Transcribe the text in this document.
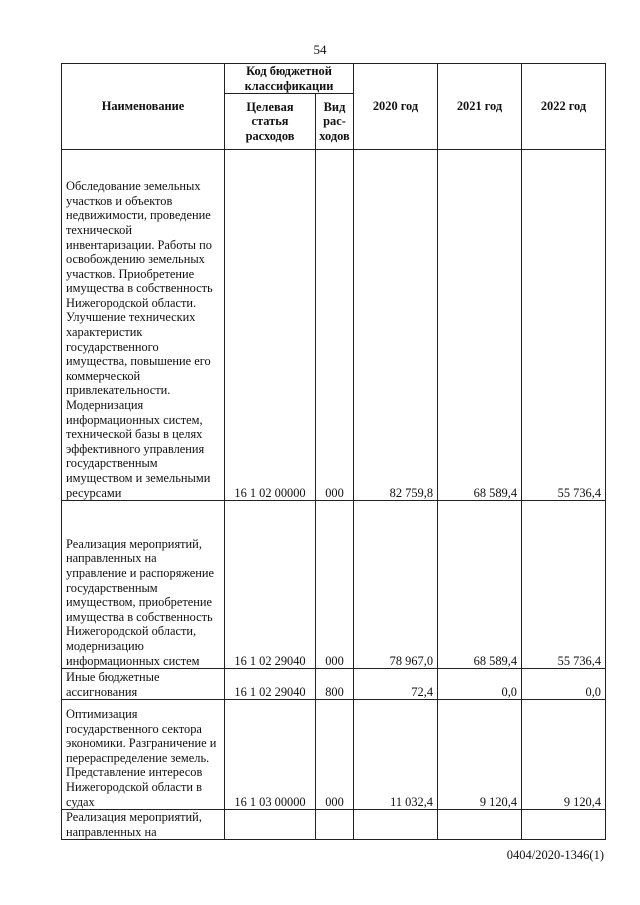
54
Наименование	Код бюджетной классификации		2020 год	2021 год	2022 год
	Целевая статья расходов	Вид рас-ходов			
Обследование земельных участков и объектов недвижимости, проведение технической инвентаризации. Работы по освобождению земельных участков. Приобретение имущества в собственность Нижегородской области. Улучшение технических характеристик государственного имущества, повышение его коммерческой привлекательности. Модернизация информационных систем, технической базы в целях эффективного управления государственным имуществом и земельными ресурсами	16 1 02 00000	000	82 759,8	68 589,4	55 736,4
Реализация мероприятий, направленных на управление и распоряжение государственным имуществом, приобретение имущества в собственность Нижегородской области, модернизацию информационных систем	16 1 02 29040	000	78 967,0	68 589,4	55 736,4
Иные бюджетные ассигнования	16 1 02 29040	800	72,4	0,0	0,0
Оптимизация государственного сектора экономики. Разграничение и перераспределение земель. Представление интересов Нижегородской области в судах	16 1 03 00000	000	11 032,4	9 120,4	9 120,4
Реализация мероприятий, направленных на					
0404/2020-1346(1)
